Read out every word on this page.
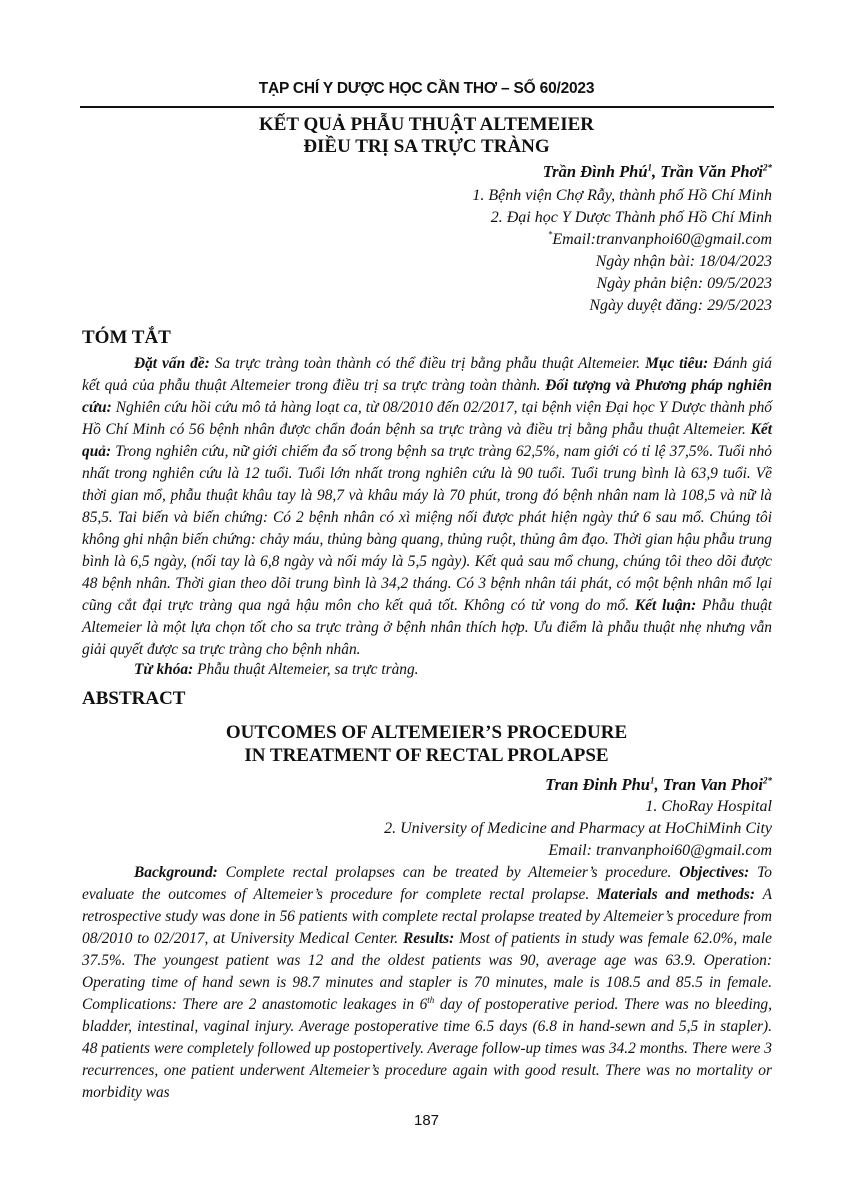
TẠP CHÍ Y DƯỢC HỌC CẦN THƠ – SỐ 60/2023
KẾT QUẢ PHẪU THUẬT ALTEMEIER
ĐIỀU TRỊ SA TRỰC TRÀNG
Trần Đình Phú$^1$, Trần Văn Phơi$^{2*}$
1. Bệnh viện Chợ Rẫy, thành phố Hồ Chí Minh
2. Đại học Y Dược Thành phố Hồ Chí Minh
*Email:tranvanphoi60@gmail.com
Ngày nhận bài: 18/04/2023
Ngày phản biện: 09/5/2023
Ngày duyệt đăng: 29/5/2023
TÓM TẮT
Đặt vấn đề: Sa trực tràng toàn thành có thể điều trị bằng phẫu thuật Altemeier. Mục tiêu: Đánh giá kết quả của phẫu thuật Altemeier trong điều trị sa trực tràng toàn thành. Đối tượng và Phương pháp nghiên cứu: Nghiên cứu hồi cứu mô tả hàng loạt ca, từ 08/2010 đến 02/2017, tại bệnh viện Đại học Y Dược thành phố Hồ Chí Minh có 56 bệnh nhân được chẩn đoán bệnh sa trực tràng và điều trị bằng phẫu thuật Altemeier. Kết quả: Trong nghiên cứu, nữ giới chiếm đa số trong bệnh sa trực tràng 62,5%, nam giới có tỉ lệ 37,5%. Tuổi nhỏ nhất trong nghiên cứu là 12 tuổi. Tuổi lớn nhất trong nghiên cứu là 90 tuổi. Tuổi trung bình là 63,9 tuổi. Về thời gian mổ, phẫu thuật khâu tay là 98,7 và khâu máy là 70 phút, trong đó bệnh nhân nam là 108,5 và nữ là 85,5. Tai biến và biến chứng: Có 2 bệnh nhân có xì miệng nối được phát hiện ngày thứ 6 sau mổ. Chúng tôi không ghi nhận biến chứng: chảy máu, thủng bàng quang, thủng ruột, thủng âm đạo. Thời gian hậu phẫu trung bình là 6,5 ngày, (nối tay là 6,8 ngày và nối máy là 5,5 ngày). Kết quả sau mổ chung, chúng tôi theo dõi được 48 bệnh nhân. Thời gian theo dõi trung bình là 34,2 tháng. Có 3 bệnh nhân tái phát, có một bệnh nhân mổ lại cũng cắt đại trực tràng qua ngả hậu môn cho kết quả tốt. Không có tử vong do mổ. Kết luận: Phẫu thuật Altemeier là một lựa chọn tốt cho sa trực tràng ở bệnh nhân thích hợp. Ưu điểm là phẫu thuật nhẹ nhưng vẫn giải quyết được sa trực tràng cho bệnh nhân.
Từ khóa: Phẫu thuật Altemeier, sa trực tràng.
ABSTRACT
OUTCOMES OF ALTEMEIER’S PROCEDURE
IN TREATMENT OF RECTAL PROLAPSE
Tran Đinh Phu$^1$, Tran Van Phoi$^{2*}$
1. ChoRay Hospital
2. University of Medicine and Pharmacy at HoChiMinh City
Email: tranvanphoi60@gmail.com
Background: Complete rectal prolapses can be treated by Altemeier’s procedure. Objectives: To evaluate the outcomes of Altemeier’s procedure for complete rectal prolapse. Materials and methods: A retrospective study was done in 56 patients with complete rectal prolapse treated by Altemeier’s procedure from 08/2010 to 02/2017, at University Medical Center. Results: Most of patients in study was female 62.0%, male 37.5%. The youngest patient was 12 and the oldest patients was 90, average age was 63.9. Operation: Operating time of hand sewn is 98.7 minutes and stapler is 70 minutes, male is 108.5 and 85.5 in female. Complications: There are 2 anastomotic leakages in 6th day of postoperative period. There was no bleeding, bladder, intestinal, vaginal injury. Average postoperative time 6.5 days (6.8 in hand-sewn and 5,5 in stapler). 48 patients were completely followed up postopertively. Average follow-up times was 34.2 months. There were 3 recurrences, one patient underwent Altemeier’s procedure again with good result. There was no mortality or morbidity was
187
